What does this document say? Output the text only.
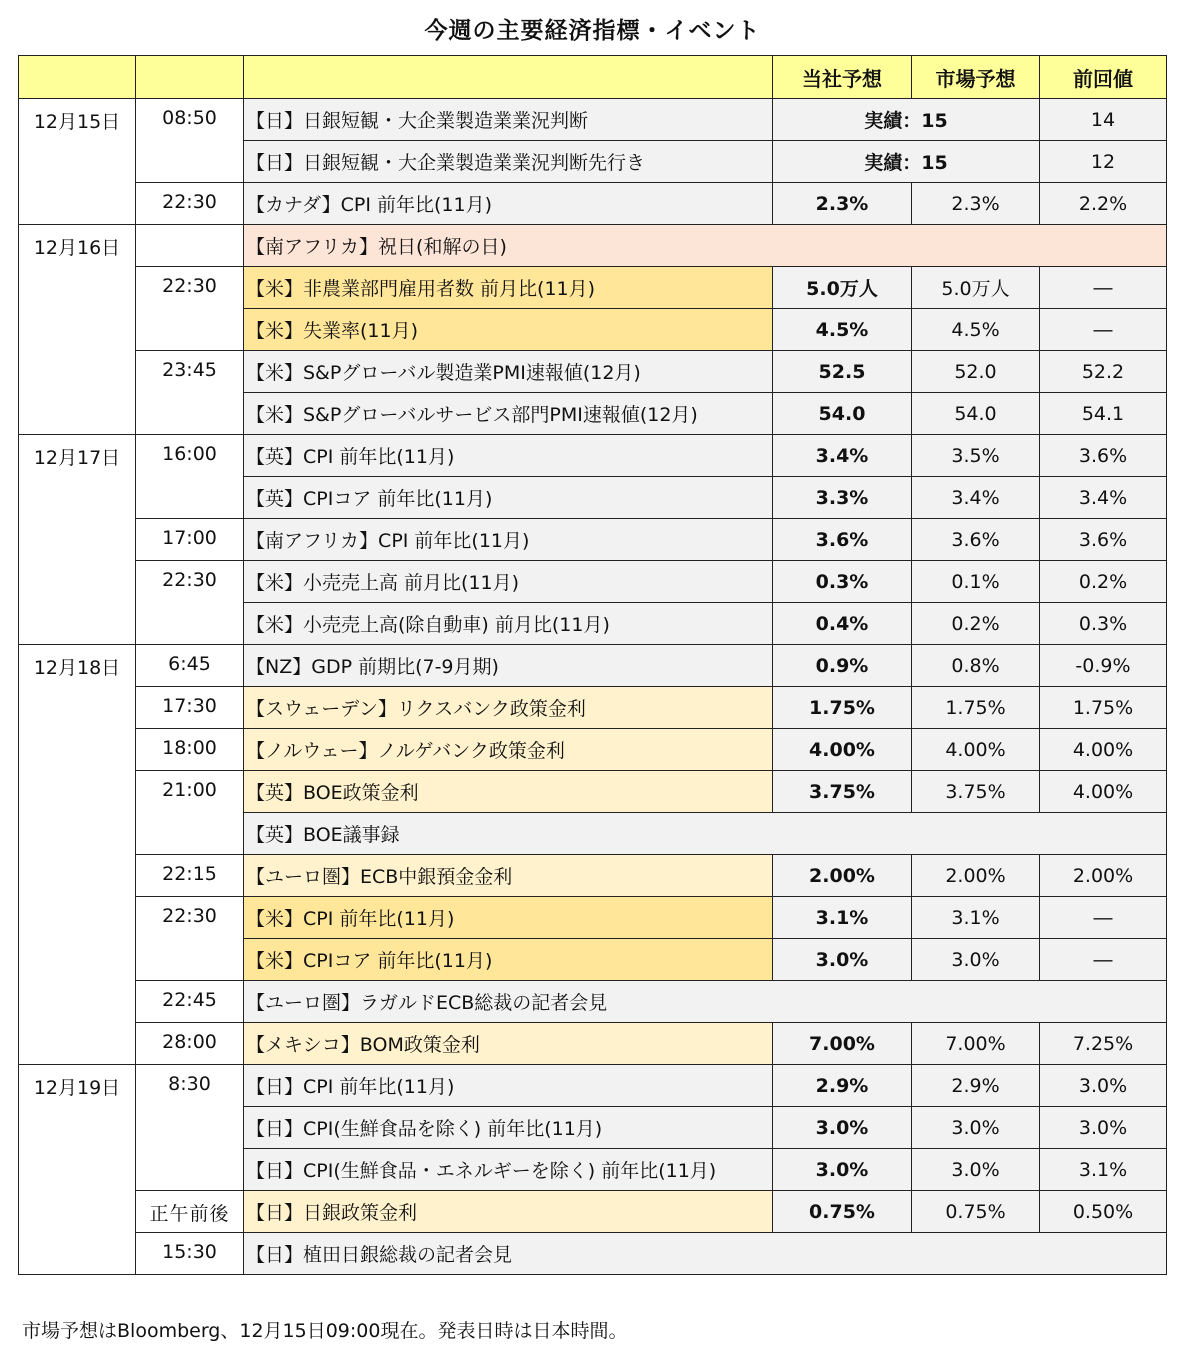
今週の主要経済指標・イベント
			当社予想	市場予想	前回値
12月15日	08:50	【日】日銀短観・大企業製造業業況判断	実績：15		14
		【日】日銀短観・大企業製造業業況判断先行き	実績：15		12
	22:30	【カナダ】CPI 前年比(11月)	2.3%	2.3%	2.2%
12月16日		【南アフリカ】祝日(和解の日)			
	22:30	【米】非農業部門雇用者数 前月比(11月)	5.0万人	5.0万人	―
		【米】失業率(11月)	4.5%	4.5%	―
	23:45	【米】S&Pグローバル製造業PMI速報値(12月)	52.5	52.0	52.2
		【米】S&Pグローバルサービス部門PMI速報値(12月)	54.0	54.0	54.1
12月17日	16:00	【英】CPI 前年比(11月)	3.4%	3.5%	3.6%
		【英】CPIコア 前年比(11月)	3.3%	3.4%	3.4%
	17:00	【南アフリカ】CPI 前年比(11月)	3.6%	3.6%	3.6%
	22:30	【米】小売売上高 前月比(11月)	0.3%	0.1%	0.2%
		【米】小売売上高(除自動車) 前月比(11月)	0.4%	0.2%	0.3%
12月18日	6:45	【NZ】GDP 前期比(7-9月期)	0.9%	0.8%	-0.9%
	17:30	【スウェーデン】リクスバンク政策金利	1.75%	1.75%	1.75%
	18:00	【ノルウェー】ノルゲバンク政策金利	4.00%	4.00%	4.00%
	21:00	【英】BOE政策金利	3.75%	3.75%	4.00%
		【英】BOE議事録			
	22:15	【ユーロ圏】ECB中銀預金金利	2.00%	2.00%	2.00%
	22:30	【米】CPI 前年比(11月)	3.1%	3.1%	―
		【米】CPIコア 前年比(11月)	3.0%	3.0%	―
	22:45	【ユーロ圏】ラガルドECB総裁の記者会見			
	28:00	【メキシコ】BOM政策金利	7.00%	7.00%	7.25%
12月19日	8:30	【日】CPI 前年比(11月)	2.9%	2.9%	3.0%
		【日】CPI(生鮮食品を除く) 前年比(11月)	3.0%	3.0%	3.0%
		【日】CPI(生鮮食品・エネルギーを除く) 前年比(11月)	3.0%	3.0%	3.1%
	正午前後	【日】日銀政策金利	0.75%	0.75%	0.50%
	15:30	【日】植田日銀総裁の記者会見			
市場予想はBloomberg、12月15日09:00現在。発表日時は日本時間。
